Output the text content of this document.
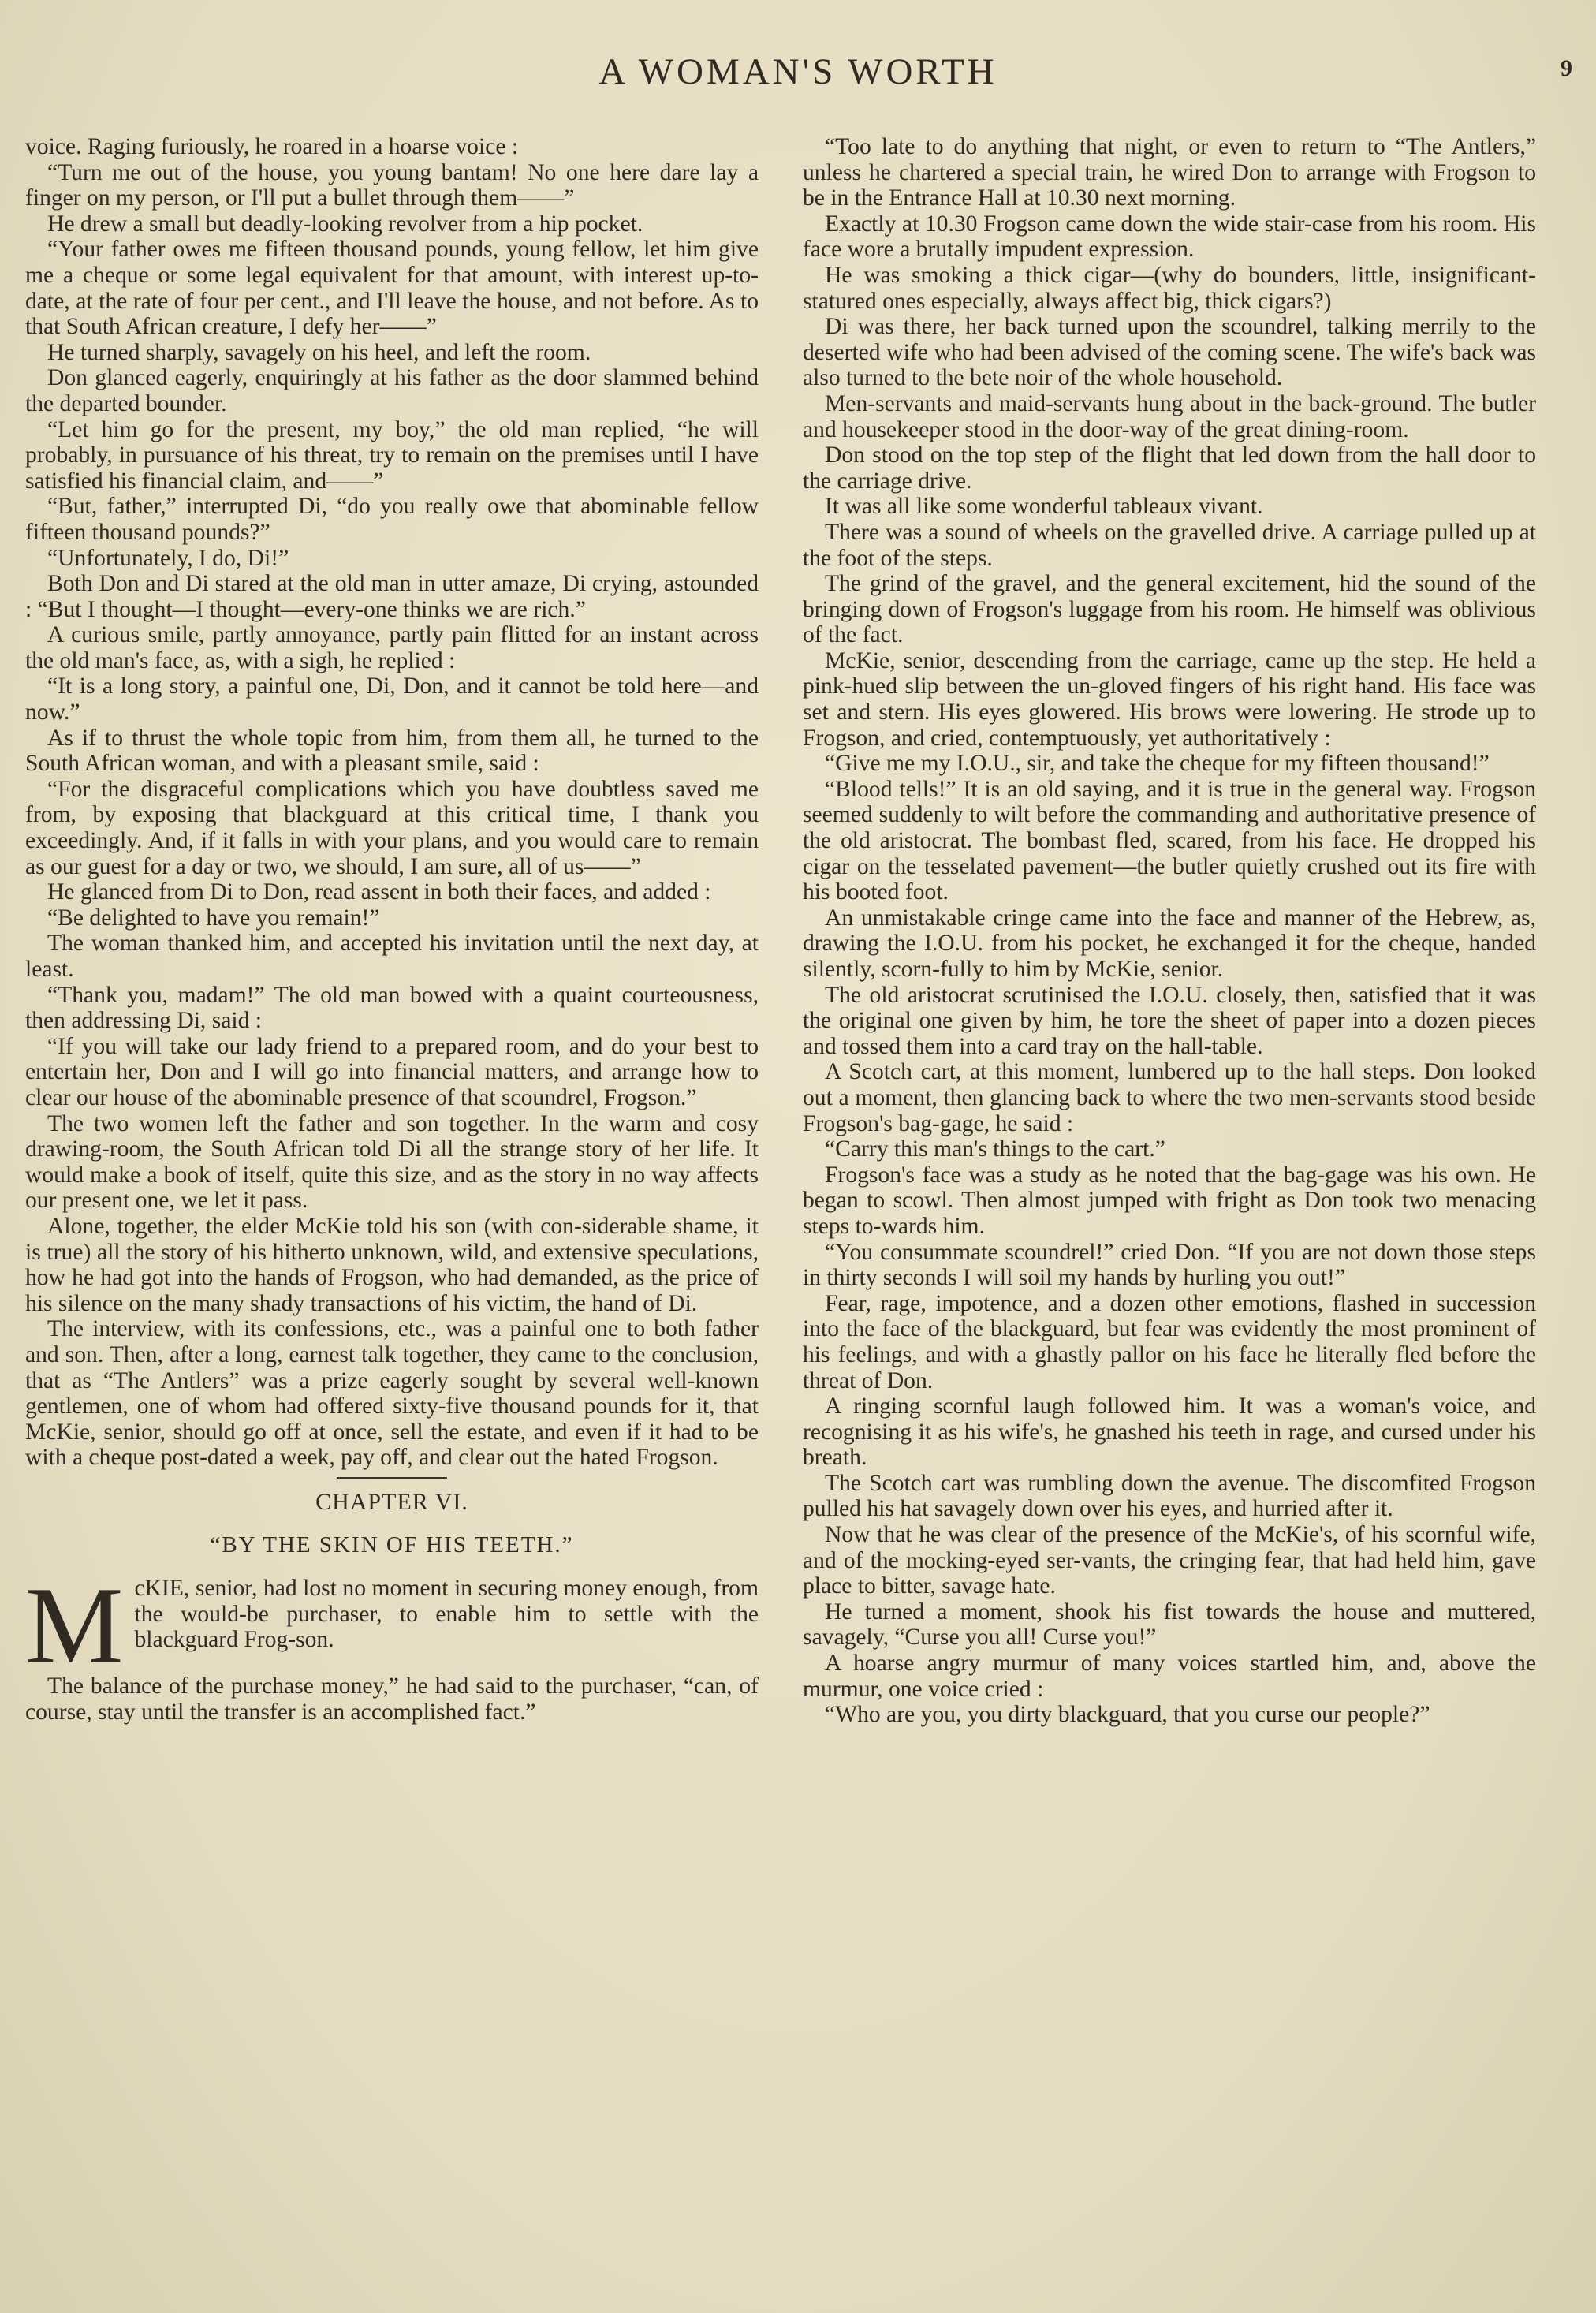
A WOMAN'S WORTH	9

voice. Raging furiously, he roared in a hoarse voice :

“Turn me out of the house, you young bantam! No one here dare lay a finger on my person, or I'll put a bullet through them——”

He drew a small but deadly-looking revolver from a hip pocket.

“Your father owes me fifteen thousand pounds, young fellow, let him give me a cheque or some legal equivalent for that amount, with interest up-to-date, at the rate of four per cent., and I'll leave the house, and not before. As to that South African creature, I defy her——”

He turned sharply, savagely on his heel, and left the room.

Don glanced eagerly, enquiringly at his father as the door slammed behind the departed bounder.

“Let him go for the present, my boy,” the old man replied, “he will probably, in pursuance of his threat, try to remain on the premises until I have satisfied his financial claim, and——”

“But, father,” interrupted Di, “do you really owe that abominable fellow fifteen thousand pounds?”

“Unfortunately, I do, Di!”

Both Don and Di stared at the old man in utter amaze, Di crying, astounded : “But I thought—I thought—every-one thinks we are rich.”

A curious smile, partly annoyance, partly pain flitted for an instant across the old man's face, as, with a sigh, he replied :

“It is a long story, a painful one, Di, Don, and it cannot be told here—and now.”

As if to thrust the whole topic from him, from them all, he turned to the South African woman, and with a pleasant smile, said :

“For the disgraceful complications which you have doubtless saved me from, by exposing that blackguard at this critical time, I thank you exceedingly. And, if it falls in with your plans, and you would care to remain as our guest for a day or two, we should, I am sure, all of us——”

He glanced from Di to Don, read assent in both their faces, and added :

“Be delighted to have you remain!”

The woman thanked him, and accepted his invitation until the next day, at least.

“Thank you, madam!” The old man bowed with a quaint courteousness, then addressing Di, said :

“If you will take our lady friend to a prepared room, and do your best to entertain her, Don and I will go into financial matters, and arrange how to clear our house of the abominable presence of that scoundrel, Frogson.”

The two women left the father and son together. In the warm and cosy drawing-room, the South African told Di all the strange story of her life. It would make a book of itself, quite this size, and as the story in no way affects our present one, we let it pass.

Alone, together, the elder McKie told his son (with con-siderable shame, it is true) all the story of his hitherto unknown, wild, and extensive speculations, how he had got into the hands of Frogson, who had demanded, as the price of his silence on the many shady transactions of his victim, the hand of Di.

The interview, with its confessions, etc., was a painful one to both father and son. Then, after a long, earnest talk together, they came to the conclusion, that as “The Antlers” was a prize eagerly sought by several well-known gentlemen, one of whom had offered sixty-five thousand pounds for it, that McKie, senior, should go off at once, sell the estate, and even if it had to be with a cheque post-dated a week, pay off, and clear out the hated Frogson.

CHAPTER VI.
“BY THE SKIN OF HIS TEETH.”
M cKIE, senior, had lost no moment in securing money enough, from the would-be purchaser, to enable him to settle with the blackguard Frog-son.

The balance of the purchase money,” he had said to the purchaser, “can, of course, stay until the transfer is an accomplished fact.”

“Too late to do anything that night, or even to return to “The Antlers,” unless he chartered a special train, he wired Don to arrange with Frogson to be in the Entrance Hall at 10.30 next morning.

Exactly at 10.30 Frogson came down the wide stair-case from his room. His face wore a brutally impudent expression.

He was smoking a thick cigar—(why do bounders, little, insignificant-statured ones especially, always affect big, thick cigars?)

Di was there, her back turned upon the scoundrel, talking merrily to the deserted wife who had been advised of the coming scene. The wife's back was also turned to the bete noir of the whole household.

Men-servants and maid-servants hung about in the back-ground. The butler and housekeeper stood in the door-way of the great dining-room.

Don stood on the top step of the flight that led down from the hall door to the carriage drive.

It was all like some wonderful tableaux vivant.

There was a sound of wheels on the gravelled drive. A carriage pulled up at the foot of the steps.

The grind of the gravel, and the general excitement, hid the sound of the bringing down of Frogson's luggage from his room. He himself was oblivious of the fact.

McKie, senior, descending from the carriage, came up the step. He held a pink-hued slip between the un-gloved fingers of his right hand. His face was set and stern. His eyes glowered. His brows were lowering. He strode up to Frogson, and cried, contemptuously, yet authoritatively :

“Give me my I.O.U., sir, and take the cheque for my fifteen thousand!”

“Blood tells!” It is an old saying, and it is true in the general way. Frogson seemed suddenly to wilt before the commanding and authoritative presence of the old aristocrat. The bombast fled, scared, from his face. He dropped his cigar on the tesselated pavement—the butler quietly crushed out its fire with his booted foot.

An unmistakable cringe came into the face and manner of the Hebrew, as, drawing the I.O.U. from his pocket, he exchanged it for the cheque, handed silently, scorn-fully to him by McKie, senior.

The old aristocrat scrutinised the I.O.U. closely, then, satisfied that it was the original one given by him, he tore the sheet of paper into a dozen pieces and tossed them into a card tray on the hall-table.

A Scotch cart, at this moment, lumbered up to the hall steps. Don looked out a moment, then glancing back to where the two men-servants stood beside Frogson's bag-gage, he said :

“Carry this man's things to the cart.”

Frogson's face was a study as he noted that the bag-gage was his own. He began to scowl. Then almost jumped with fright as Don took two menacing steps to-wards him.

“You consummate scoundrel!” cried Don. “If you are not down those steps in thirty seconds I will soil my hands by hurling you out!”

Fear, rage, impotence, and a dozen other emotions, flashed in succession into the face of the blackguard, but fear was evidently the most prominent of his feelings, and with a ghastly pallor on his face he literally fled before the threat of Don.

A ringing scornful laugh followed him. It was a woman's voice, and recognising it as his wife's, he gnashed his teeth in rage, and cursed under his breath.

The Scotch cart was rumbling down the avenue. The discomfited Frogson pulled his hat savagely down over his eyes, and hurried after it.

Now that he was clear of the presence of the McKie's, of his scornful wife, and of the mocking-eyed ser-vants, the cringing fear, that had held him, gave place to bitter, savage hate.

He turned a moment, shook his fist towards the house and muttered, savagely, “Curse you all! Curse you!”

A hoarse angry murmur of many voices startled him, and, above the murmur, one voice cried :

“Who are you, you dirty blackguard, that you curse our people?”
